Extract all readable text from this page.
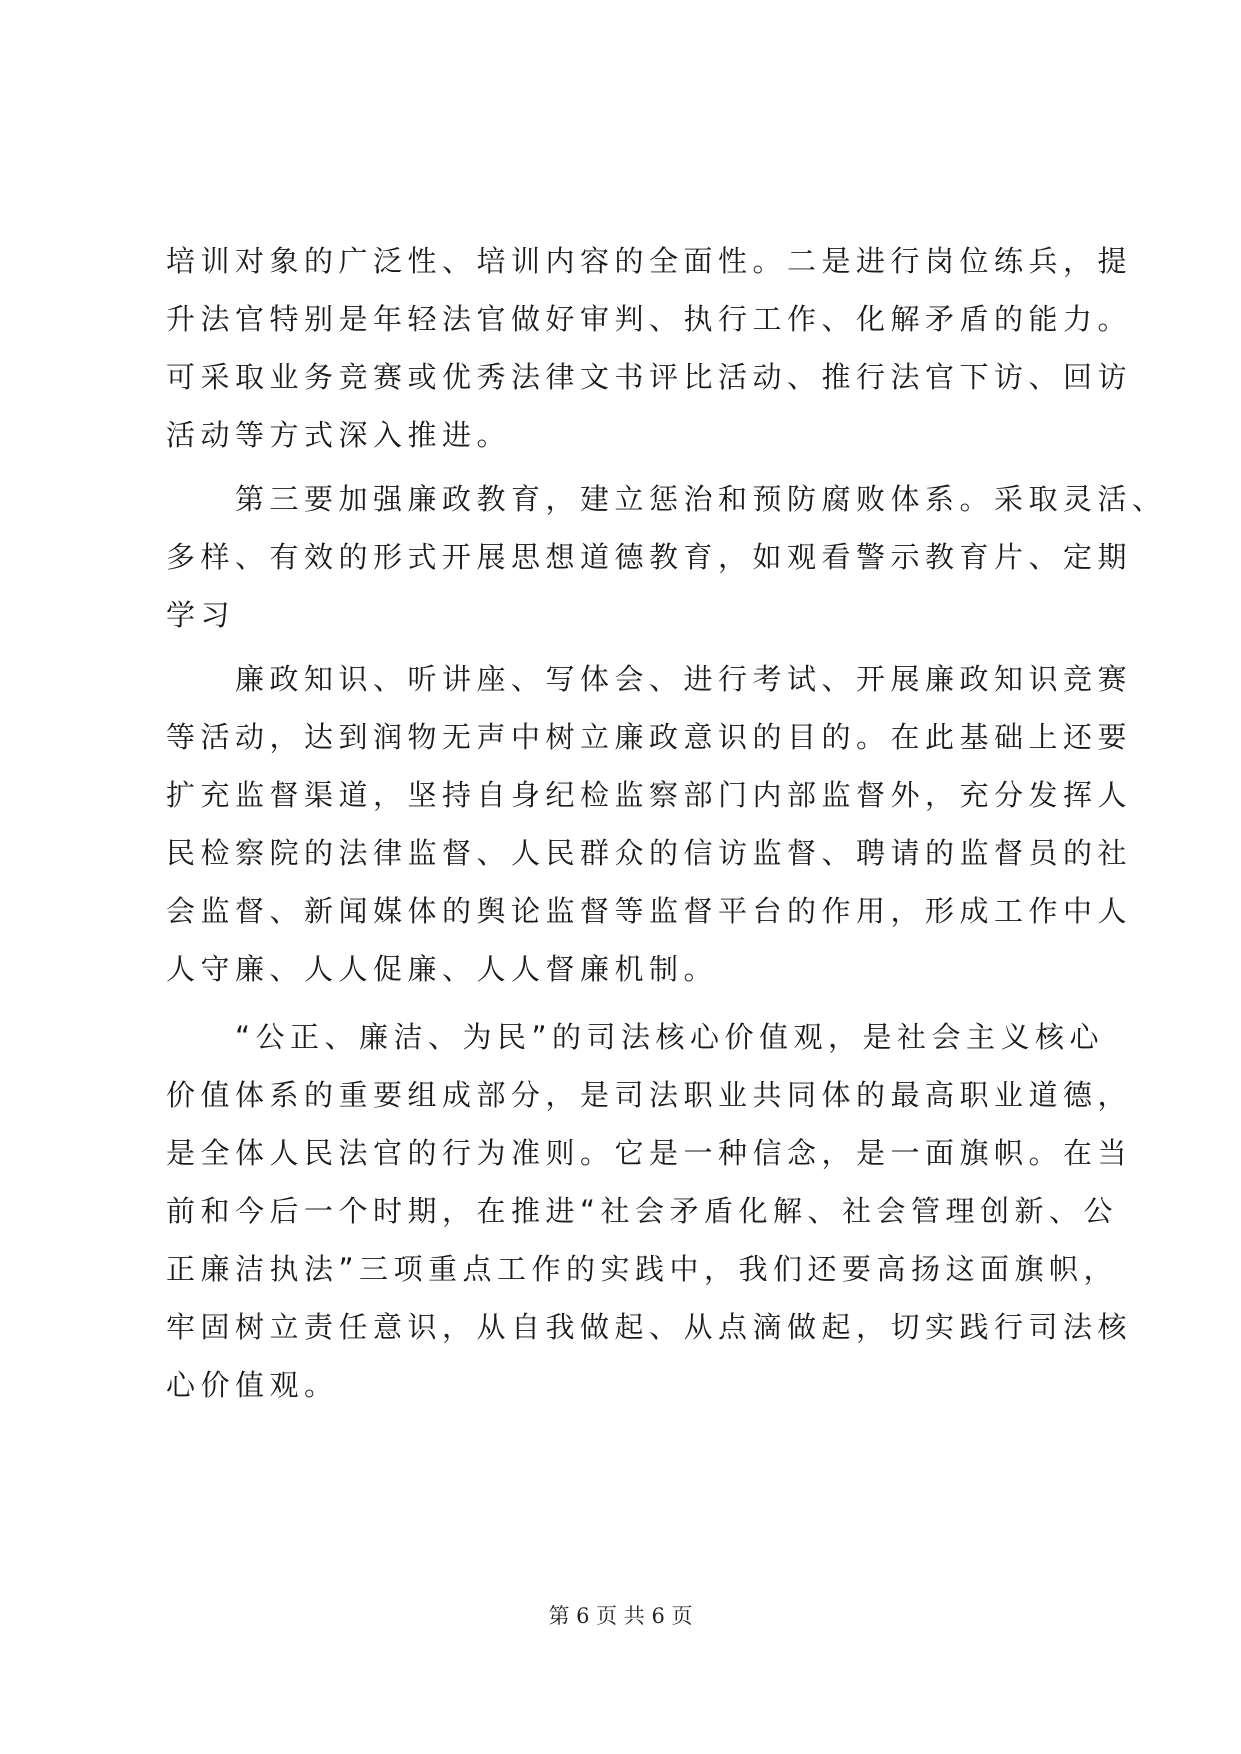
培训对象的广泛性、培训内容的全面性。二是进行岗位练兵，提
升法官特别是年轻法官做好审判、执行工作、化解矛盾的能力。
可采取业务竞赛或优秀法律文书评比活动、推行法官下访、回访
活动等方式深入推进。
　　第三要加强廉政教育，建立惩治和预防腐败体系。采取灵活、
多样、有效的形式开展思想道德教育，如观看警示教育片、定期
学习
　　廉政知识、听讲座、写体会、进行考试、开展廉政知识竞赛
等活动，达到润物无声中树立廉政意识的目的。在此基础上还要
扩充监督渠道，坚持自身纪检监察部门内部监督外，充分发挥人
民检察院的法律监督、人民群众的信访监督、聘请的监督员的社
会监督、新闻媒体的舆论监督等监督平台的作用，形成工作中人
人守廉、人人促廉、人人督廉机制。
　　“公正、廉洁、为民”的司法核心价值观，是社会主义核心
价值体系的重要组成部分，是司法职业共同体的最高职业道德，
是全体人民法官的行为准则。它是一种信念，是一面旗帜。在当
前和今后一个时期，在推进“社会矛盾化解、社会管理创新、公
正廉洁执法”三项重点工作的实践中，我们还要高扬这面旗帜，
牢固树立责任意识，从自我做起、从点滴做起，切实践行司法核
心价值观。
第 6 页 共 6 页
